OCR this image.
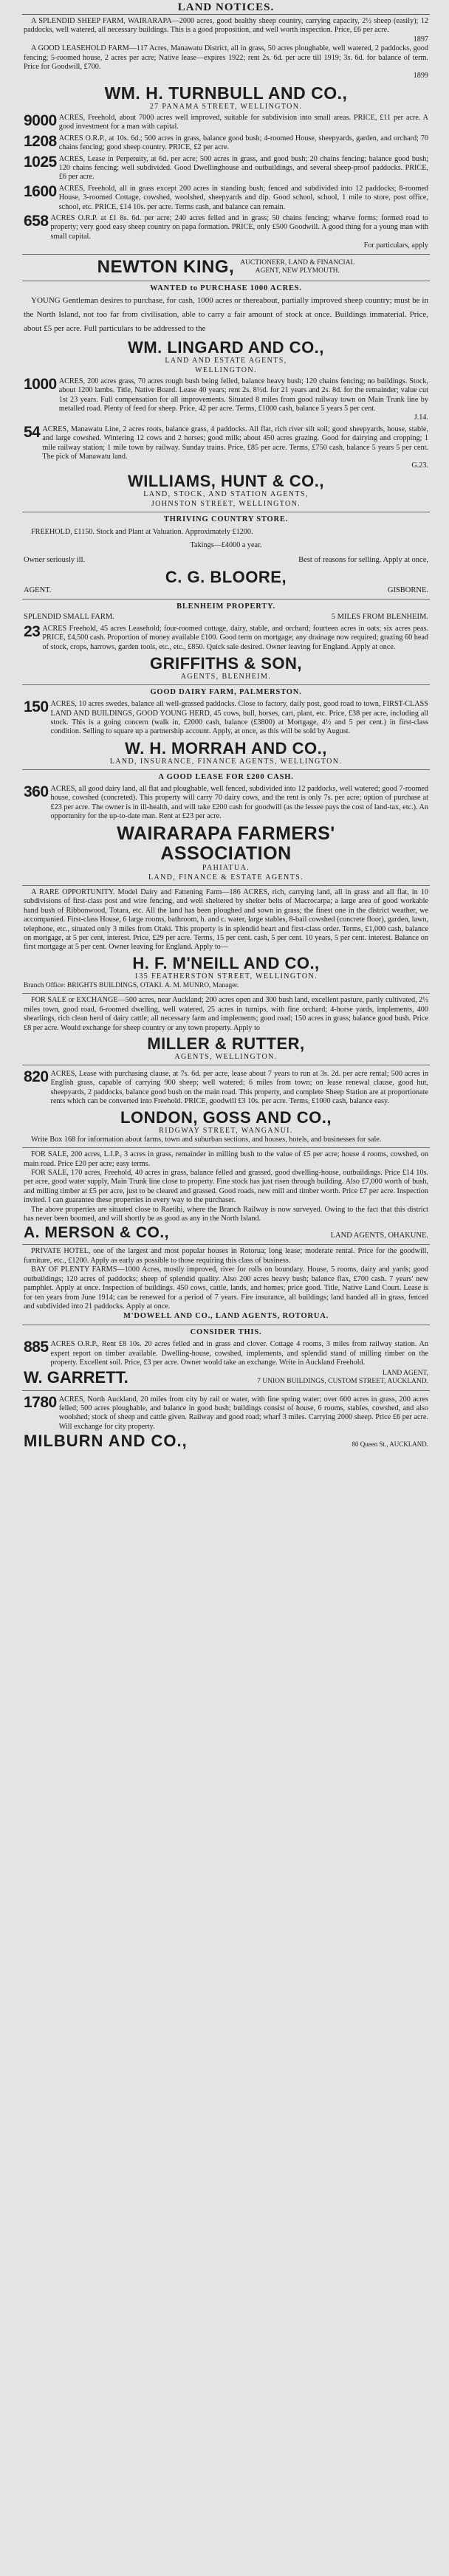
LAND NOTICES.
A SPLENDID SHEEP FARM, WAIRARAPA—2000 acres, good healthy sheep country, carrying capacity, 2½ sheep (easily); 12 paddocks, well watered, all necessary buildings. This is a good proposition, and well worth inspection. Price, £6 per acre.
1897
A GOOD LEASEHOLD FARM—117 Acres, Manawatu District, all in grass, 50 acres ploughable, well watered, 2 paddocks, good fencing; 5-roomed house, 2 acres per acre; Native lease—expires 1922; rent 2s. 6d. per acre till 1919; 3s. 6d. for balance of term. Price for Goodwill, £700.
1899
WM. H. TURNBULL AND CO.,
27 PANAMA STREET, WELLINGTON.
9000 ACRES, Freehold, about 7000 acres well improved, suitable for subdivision into small areas. PRICE, £11 per acre. A good investment for a man with capital.
1208 ACRES O.R.P., at 10s. 6d.; 500 acres in grass, balance good bush; 4-roomed House, sheepyards, garden, and orchard; 70 chains fencing; good sheep country. PRICE, £2 per acre.
1025 ACRES, Lease in Perpetuity, at 6d. per acre; 500 acres in grass, and good bush; 20 chains fencing; balance good bush; 120 chains fencing; well subdivided. Good Dwellinghouse and outbuildings, and several sheep-proof paddocks. PRICE, £6 per acre.
1600 ACRES, Freehold, all in grass except 200 acres in standing bush; fenced and subdivided into 12 paddocks; 8-roomed House, 3-roomed Cottage, cowshed, woolshed, sheepyards and dip. Good school, school, 1 mile to store, post office, school, etc. PRICE, £14 10s. per acre. Terms cash, and balance can remain.
658 ACRES O.R.P. at £1 8s. 6d. per acre; 240 acres felled and in grass; 50 chains fencing; wharve forms; formed road to property; very good easy sheep country on papa formation. PRICE, only £500 Goodwill. A good thing for a young man with small capital.
For particulars, apply
NEWTON KING, AUCTIONEER, LAND & FINANCIAL
AGENT, NEW PLYMOUTH.
WANTED to PURCHASE 1000 ACRES.
YOUNG Gentleman desires to purchase, for cash, 1000 acres or thereabout, partially improved sheep country; must be in the North Island, not too far from civilisation, able to carry a fair amount of stock at once. Buildings immaterial. Price, about £5 per acre. Full particulars to be addressed to the
WM. LINGARD AND CO.,
LAND AND ESTATE AGENTS,
WELLINGTON.
1000 ACRES, 200 acres grass, 70 acres rough bush being felled, balance heavy bush; 120 chains fencing; no buildings. Stock, about 1200 lambs. Title, Native Board. Lease 40 years; rent 2s. 8½d. for 21 years and 2s. 8d. for the remainder; value cut 1st 23 years. Full compensation for all improvements. Situated 8 miles from good railway town on Main Trunk line by metalled road. Plenty of feed for sheep. Price, 42 per acre. Terms, £1000 cash, balance 5 years 5 per cent.
J.14.
54 ACRES, Manawatu Line, 2 acres roots, balance grass, 4 paddocks. All flat, rich river silt soil; good sheepyards, house, stable, and large cowshed. Wintering 12 cows and 2 horses; good milk; about 450 acres grazing. Good for dairying and cropping; 1 mile railway station; 1 mile town by railway. Sunday trains. Price, £85 per acre. Terms, £750 cash, balance 5 years 5 per cent. The pick of Manawatu land.
G.23.
WILLIAMS, HUNT & CO.,
LAND, STOCK, AND STATION AGENTS,
JOHNSTON STREET, WELLINGTON.
THRIVING COUNTRY STORE.
FREEHOLD, £1150. Stock and Plant at Valuation. Approximately £1200.
Takings—£4000 a year.
Owner seriously ill.	Best of reasons for selling. Apply at once,
C. G. BLOORE,
AGENT.	GISBORNE.
BLENHEIM PROPERTY.
SPLENDID SMALL FARM.	5 MILES FROM BLENHEIM.
23 ACRES Freehold, 45 acres Leasehold; four-roomed cottage, dairy, stable, and orchard; fourteen acres in oats; six acres peas. PRICE, £4,500 cash. Proportion of money available £100. Good term on mortgage; any drainage now required; grazing 60 head of stock, crops, harrows, garden tools, etc., etc., £850. Quick sale desired. Owner leaving for England. Apply at once.
GRIFFITHS & SON,
AGENTS, BLENHEIM.
GOOD DAIRY FARM, PALMERSTON.
150 ACRES, 10 acres swedes, balance all well-grassed paddocks. Close to factory, daily post, good road to town, FIRST-CLASS LAND AND BUILDINGS, GOOD YOUNG HERD, 45 cows, bull, horses, cart, plant, etc. Price, £38 per acre, including all stock. This is a going concern (walk in, £2000 cash, balance (£3800) at Mortgage, 4½ and 5 per cent.) in first-class condition. Selling to square up a partnership account. Apply, at once, as this will be sold by August.
W. H. MORRAH AND CO.,
LAND, INSURANCE, FINANCE AGENTS, WELLINGTON.
A GOOD LEASE FOR £200 CASH.
360 ACRES, all good dairy land, all flat and ploughable, well fenced, subdivided into 12 paddocks, well watered; good 7-roomed house, cowshed (concreted). This property will carry 70 dairy cows, and the rent is only 7s. per acre; option of purchase at £23 per acre. The owner is in ill-health, and will take £200 cash for goodwill (as the lessee pays the cost of land-tax, etc.). An opportunity for the up-to-date man. Rent at £23 per acre.
WAIRARAPA FARMERS'
ASSOCIATION
PAHIATUA.
LAND, FINANCE & ESTATE AGENTS.
A RARE OPPORTUNITY. Model Dairy and Fattening Farm—186 ACRES, rich, carrying land, all in grass and all flat, in 10 subdivisions of first-class post and wire fencing, and well sheltered by shelter belts of Macrocarpa; a large area of good workable hand bush of Ribbonwood, Totara, etc. All the land has been ploughed and sown in grass; the finest one in the district weather, we accompanied. First-class House, 6 large rooms, bathroom, h. and c. water, large stables, 8-bail cowshed (concrete floor), garden, lawn, telephone, etc., situated only 3 miles from Otaki. This property is in splendid heart and first-class order. Terms, £1,000 cash, balance on mortgage, at 5 per cent, interest. Price, £29 per acre. Terms, 15 per cent. cash, 5 per cent. 10 years, 5 per cent. interest. Balance on first mortgage at 5 per cent. Owner leaving for England. Apply to—
H. F. M'NEILL AND CO.,
135 FEATHERSTON STREET, WELLINGTON.
Branch Office: BRIGHTS BUILDINGS, OTAKI. A. M. MUNRO, Manager.
FOR SALE or EXCHANGE—500 acres, near Auckland; 200 acres open and 300 bush land, excellent pasture, partly cultivated, 2½ miles town, good road, 6-roomed dwelling, well watered, 25 acres in turnips, with fine orchard; 4-horse yards, implements, 400 shearlings, rich clean herd of dairy cattle; all necessary farm and implements; good road; 150 acres in grass; balance good bush. Price £8 per acre. Would exchange for sheep country or any town property. Apply to
MILLER & RUTTER,
AGENTS, WELLINGTON.
820 ACRES, Lease with purchasing clause, at 7s. 6d. per acre, lease about 7 years to run at 3s. 2d. per acre rental; 500 acres in English grass, capable of carrying 900 sheep; well watered; 6 miles from town; on lease renewal clause, good hut, sheepyards, 2 paddocks, balance good bush on the main road. This property, and complete Sheep Station are at proportionate rents which can be converted into Freehold. PRICE, goodwill £3 10s. per acre. Terms, £1000 cash, balance easy.
LONDON, GOSS AND CO.,
RIDGWAY STREET, WANGANUI.
Write Box 168 for information about farms, town and suburban sections, and houses, hotels, and businesses for sale.
FOR SALE, 200 acres, L.I.P., 3 acres in grass, remainder in milling bush to the value of £5 per acre; house 4 rooms, cowshed, on main road. Price £20 per acre; easy terms.
FOR SALE, 170 acres, Freehold, 40 acres in grass, balance felled and grassed, good dwelling-house, outbuildings. Price £14 10s. per acre, good water supply, Main Trunk line close to property. Fine stock has just risen through building. Also £7,000 worth of bush, and milling timber at £5 per acre, just to be cleared and grassed. Good roads, new mill and timber worth. Price £7 per acre. Inspection invited. I can guarantee these properties in every way to the purchaser.
The above properties are situated close to Raetihi, where the Branch Railway is now surveyed. Owing to the fact that this district has never been boomed, and will shortly be as good as any in the North Island.
A. MERSON & CO.,	LAND AGENTS, OHAKUNE.
PRIVATE HOTEL, one of the largest and most popular houses in Rotorua; long lease; moderate rental. Price for the goodwill, furniture, etc., £1200. Apply as early as possible to those requiring this class of business.
BAY OF PLENTY FARMS—1000 Acres, mostly improved, river for rolls on boundary. House, 5 rooms, dairy and yards; good outbuildings; 120 acres of paddocks; sheep of splendid quality. Also 200 acres heavy bush; balance flax, £700 cash. 7 years' new pamphlet. Apply at once. Inspection of buildings. 450 cows, cattle, lands, and homes; price good. Title, Native Land Court. Lease is for ten years from June 1914; can be renewed for a period of 7 years. Fire insurance, all buildings; land handed all in grass, fenced and subdivided into 21 paddocks. Apply at once.
M'DOWELL AND CO., LAND AGENTS, ROTORUA.
CONSIDER THIS.
885 ACRES O.R.P., Rent £8 10s. 20 acres felled and in grass and clover. Cottage 4 rooms, 3 miles from railway station. An expert report on timber available. Dwelling-house, cowshed, implements, and splendid stand of milling timber on the property. Excellent soil. Price, £3 per acre. Owner would take an exchange. Write in Auckland Freehold.
W. GARRETT.	LAND AGENT,
7 UNION BUILDINGS, CUSTOM STREET, AUCKLAND.
1780 ACRES, North Auckland, 20 miles from city by rail or water, with fine spring water; over 600 acres in grass, 200 acres felled; 500 acres ploughable, and balance in good bush; buildings consist of house, 6 rooms, stables, cowshed, and also woolshed; stock of sheep and cattle given. Railway and good road; wharf 3 miles. Carrying 2000 sheep. Price £6 per acre. Will exchange for city property.
MILBURN AND CO.,	80 Queen St., AUCKLAND.
